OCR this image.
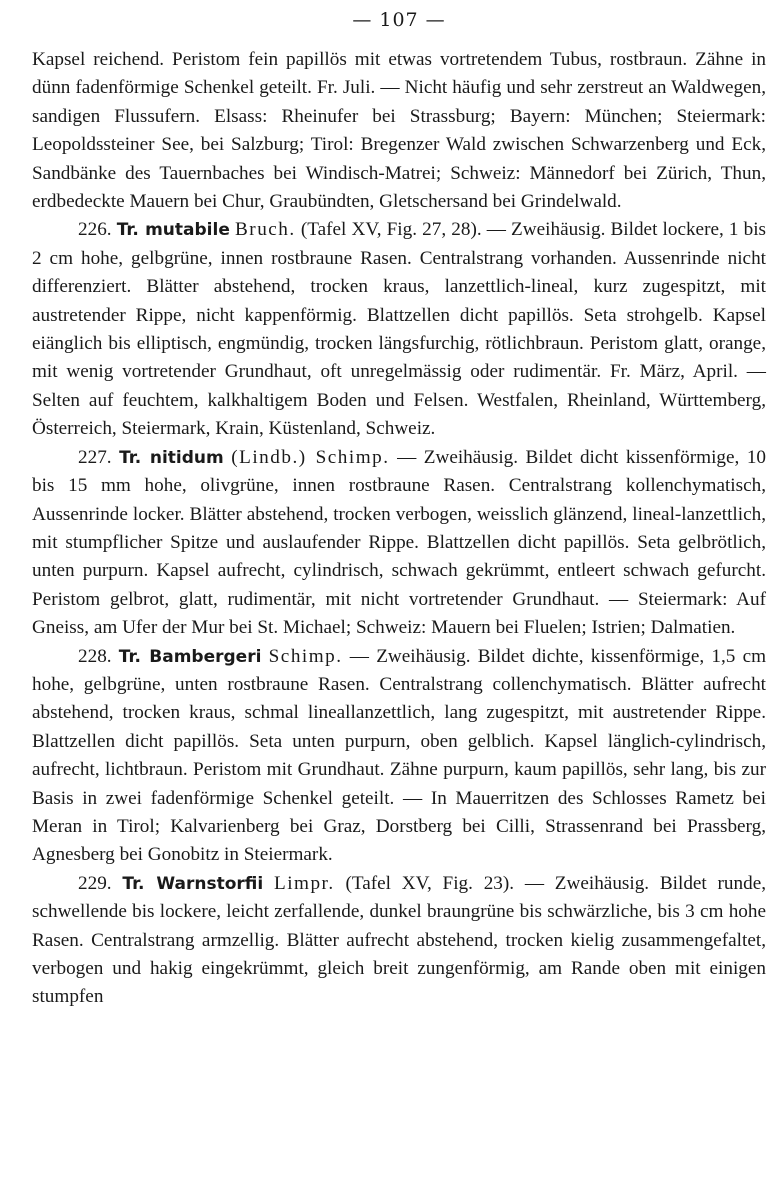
— 107 —

Kapsel reichend. Peristom fein papillös mit etwas vortretendem Tubus, rostbraun. Zähne in dünn fadenförmige Schenkel geteilt. Fr. Juli. — Nicht häufig und sehr zerstreut an Waldwegen, sandigen Flussufern. Elsass: Rheinufer bei Strassburg; Bayern: München; Steiermark: Leopoldssteiner See, bei Salzburg; Tirol: Bregenzer Wald zwischen Schwarzenberg und Eck, Sandbänke des Tauernbaches bei Windisch-Matrei; Schweiz: Männedorf bei Zürich, Thun, erdbedeckte Mauern bei Chur, Graubündten, Gletschersand bei Grindelwald.

226. Tr. mutabile Bruch. (Tafel XV, Fig. 27, 28). — Zweihäusig. Bildet lockere, 1 bis 2 cm hohe, gelbgrüne, innen rostbraune Rasen. Centralstrang vorhanden. Aussenrinde nicht differenziert. Blätter abstehend, trocken kraus, lanzettlich-lineal, kurz zugespitzt, mit austretender Rippe, nicht kappenförmig. Blattzellen dicht papillös. Seta strohgelb. Kapsel eiänglich bis elliptisch, engmündig, trocken längsfurchig, rötlichbraun. Peristom glatt, orange, mit wenig vortretender Grundhaut, oft unregelmässig oder rudimentär. Fr. März, April. — Selten auf feuchtem, kalkhaltigem Boden und Felsen. Westfalen, Rheinland, Württemberg, Österreich, Steiermark, Krain, Küstenland, Schweiz.

227. Tr. nitidum (Lindb.) Schimp. — Zweihäusig. Bildet dicht kissenförmige, 10 bis 15 mm hohe, olivgrüne, innen rostbraune Rasen. Centralstrang kollenchymatisch, Aussenrinde locker. Blätter abstehend, trocken verbogen, weisslich glänzend, lineal-lanzettlich, mit stumpflicher Spitze und auslaufender Rippe. Blattzellen dicht papillös. Seta gelbrötlich, unten purpurn. Kapsel aufrecht, cylindrisch, schwach gekrümmt, entleert schwach gefurcht. Peristom gelbrot, glatt, rudimentär, mit nicht vortretender Grundhaut. — Steiermark: Auf Gneiss, am Ufer der Mur bei St. Michael; Schweiz: Mauern bei Fluelen; Istrien; Dalmatien.

228. Tr. Bambergeri Schimp. — Zweihäusig. Bildet dichte, kissenförmige, 1,5 cm hohe, gelbgrüne, unten rostbraune Rasen. Centralstrang collenchymatisch. Blätter aufrecht abstehend, trocken kraus, schmal lineallanzettlich, lang zugespitzt, mit austretender Rippe. Blattzellen dicht papillös. Seta unten purpurn, oben gelblich. Kapsel länglich-cylindrisch, aufrecht, lichtbraun. Peristom mit Grundhaut. Zähne purpurn, kaum papillös, sehr lang, bis zur Basis in zwei fadenförmige Schenkel geteilt. — In Mauerritzen des Schlosses Rametz bei Meran in Tirol; Kalvarienberg bei Graz, Dorstberg bei Cilli, Strassenrand bei Prassberg, Agnesberg bei Gonobitz in Steiermark.

229. Tr. Warnstorfii Limpr. (Tafel XV, Fig. 23). — Zweihäusig. Bildet runde, schwellende bis lockere, leicht zerfallende, dunkel braungrüne bis schwärzliche, bis 3 cm hohe Rasen. Centralstrang armzellig. Blätter aufrecht abstehend, trocken kielig zusammengefaltet, verbogen und hakig eingekrümmt, gleich breit zungenförmig, am Rande oben mit einigen stumpfen
